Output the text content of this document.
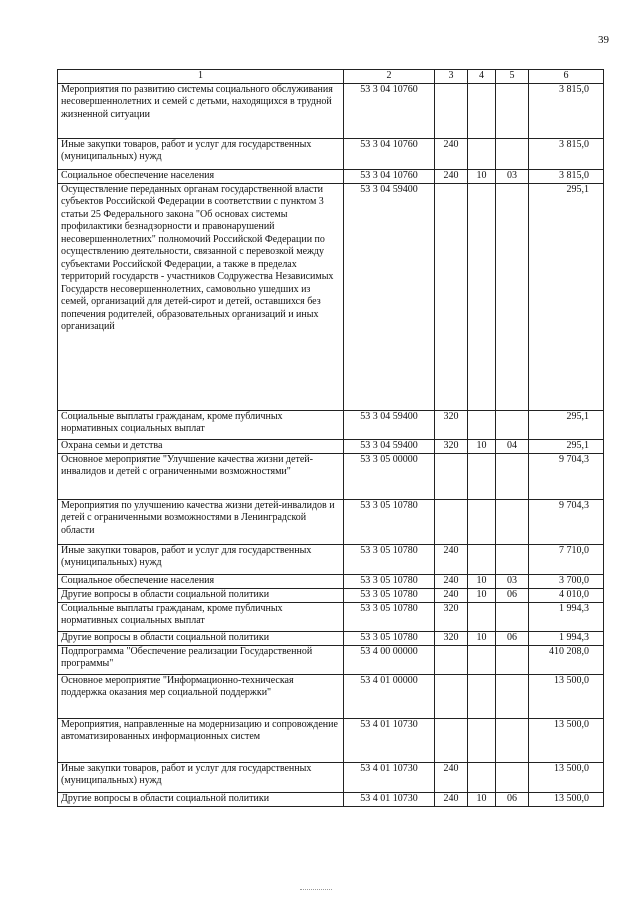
39
1	2	3	4	5	6
Мероприятия по развитию системы социального обслуживания несовершеннолетних и семей с детьми, находящихся в трудной жизненной ситуации	53 3 04 10760				3 815,0
Иные закупки товаров, работ и услуг для государственных (муниципальных) нужд	53 3 04 10760	240			3 815,0
Социальное обеспечение населения	53 3 04 10760	240	10	03	3 815,0
Осуществление переданных органам государственной власти субъектов Российской Федерации в соответствии с пунктом 3 статьи 25 Федерального закона "Об основах системы профилактики безнадзорности и правонарушений несовершеннолетних" полномочий Российской Федерации по осуществлению деятельности, связанной с перевозкой между субъектами Российской Федерации, а также в пределах территорий государств - участников Содружества Независимых Государств несовершеннолетних, самовольно ушедших из семей, организаций для детей-сирот и детей, оставшихся без попечения родителей, образовательных организаций и иных организаций	53 3 04 59400				295,1
Социальные выплаты гражданам, кроме публичных нормативных социальных выплат	53 3 04 59400	320			295,1
Охрана семьи и детства	53 3 04 59400	320	10	04	295,1
Основное мероприятие "Улучшение качества жизни детей-инвалидов и детей с ограниченными возможностями"	53 3 05 00000				9 704,3
Мероприятия по улучшению качества жизни детей-инвалидов и детей с ограниченными возможностями в Ленинградской области	53 3 05 10780				9 704,3
Иные закупки товаров, работ и услуг для государственных (муниципальных) нужд	53 3 05 10780	240			7 710,0
Социальное обеспечение населения	53 3 05 10780	240	10	03	3 700,0
Другие вопросы в области социальной политики	53 3 05 10780	240	10	06	4 010,0
Социальные выплаты гражданам, кроме публичных нормативных социальных выплат	53 3 05 10780	320			1 994,3
Другие вопросы в области социальной политики	53 3 05 10780	320	10	06	1 994,3
Подпрограмма "Обеспечение реализации Государственной программы"	53 4 00 00000				410 208,0
Основное мероприятие "Информационно-техническая поддержка оказания мер социальной поддержки"	53 4 01 00000				13 500,0
Мероприятия, направленные на модернизацию и сопровождение автоматизированных информационных систем	53 4 01 10730				13 500,0
Иные закупки товаров, работ и услуг для государственных (муниципальных) нужд	53 4 01 10730	240			13 500,0
Другие вопросы в области социальной политики	53 4 01 10730	240	10	06	13 500,0
